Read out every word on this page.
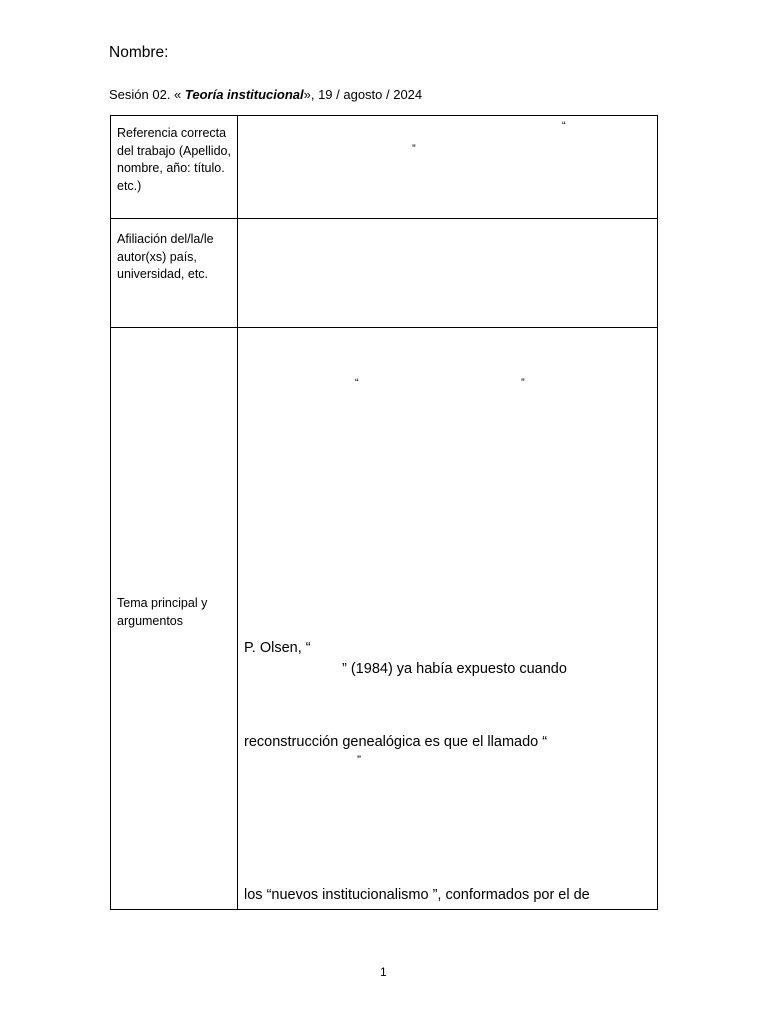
Nombre:
Sesión 02. « Teoría institucional», 19 / agosto / 2024
Referencia correcta del trabajo (Apellido, nombre, año: título. etc.)
Afiliación del/la/le autor(xs) país, universidad, etc.
Tema principal y argumentos
“
”
“	”
P. Olsen, “
” (1984) ya había expuesto cuando
reconstrucción genealógica es que el llamado “
”
los “nuevos institucionalismo ”, conformados por el de
1
